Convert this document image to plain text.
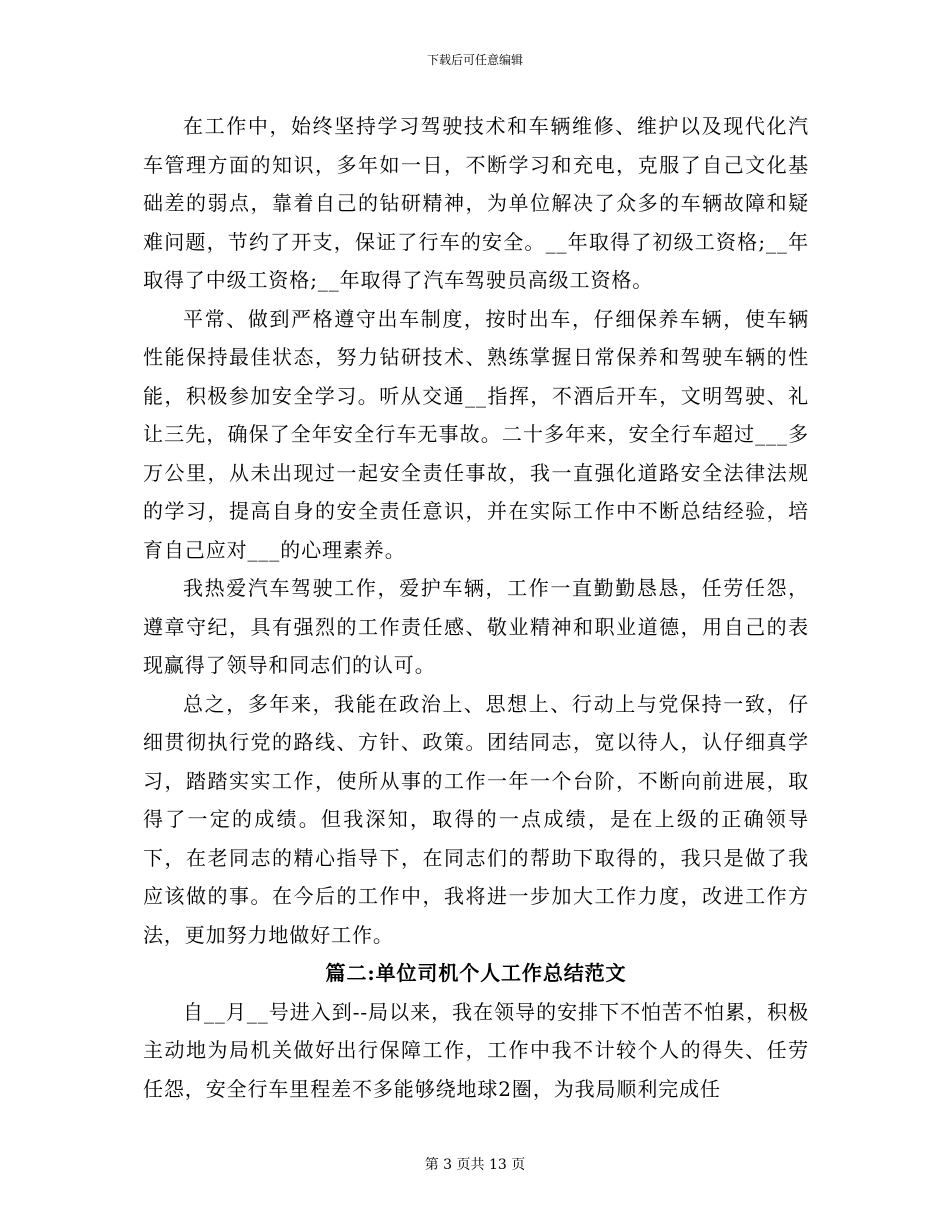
下载后可任意编辑

在工作中，始终坚持学习驾驶技术和车辆维修、维护以及现代化汽车管理方面的知识，多年如一日，不断学习和充电，克服了自己文化基础差的弱点，靠着自己的钻研精神，为单位解决了众多的车辆故障和疑难问题，节约了开支，保证了行车的安全。__年取得了初级工资格;__年取得了中级工资格;__年取得了汽车驾驶员高级工资格。

平常、做到严格遵守出车制度，按时出车，仔细保养车辆，使车辆性能保持最佳状态，努力钻研技术、熟练掌握日常保养和驾驶车辆的性能，积极参加安全学习。听从交通__指挥，不酒后开车，文明驾驶、礼让三先，确保了全年安全行车无事故。二十多年来，安全行车超过___多万公里，从未出现过一起安全责任事故，我一直强化道路安全法律法规的学习，提高自身的安全责任意识，并在实际工作中不断总结经验，培育自己应对___的心理素养。

我热爱汽车驾驶工作，爱护车辆，工作一直勤勤恳恳，任劳任怨，遵章守纪，具有强烈的工作责任感、敬业精神和职业道德，用自己的表现赢得了领导和同志们的认可。

总之，多年来，我能在政治上、思想上、行动上与党保持一致，仔细贯彻执行党的路线、方针、政策。团结同志，宽以待人，认仔细真学习，踏踏实实工作，使所从事的工作一年一个台阶，不断向前进展，取得了一定的成绩。但我深知，取得的一点成绩，是在上级的正确领导下，在老同志的精心指导下，在同志们的帮助下取得的，我只是做了我应该做的事。在今后的工作中，我将进一步加大工作力度，改进工作方法，更加努力地做好工作。

篇二:单位司机个人工作总结范文

自__月__号进入到--局以来，我在领导的安排下不怕苦不怕累，积极主动地为局机关做好出行保障工作，工作中我不计较个人的得失、任劳任怨，安全行车里程差不多能够绕地球2圈，为我局顺利完成任

第 3 页共 13 页
